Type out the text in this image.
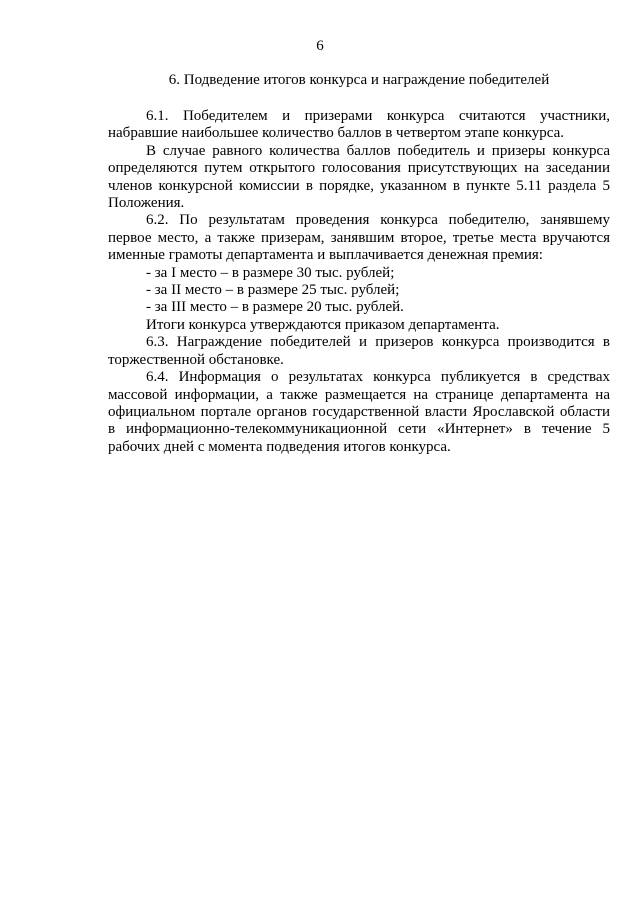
6
6. Подведение итогов конкурса и награждение победителей

6.1. Победителем и призерами конкурса считаются участники, набравшие наибольшее количество баллов в четвертом этапе конкурса.

В случае равного количества баллов победитель и призеры конкурса определяются путем открытого голосования присутствующих на заседании членов конкурсной комиссии в порядке, указанном в пункте 5.11 раздела 5 Положения.

6.2. По результатам проведения конкурса победителю, занявшему первое место, а также призерам, занявшим второе, третье места вручаются именные грамоты департамента и выплачивается денежная премия:

- за I место – в размере 30 тыс. рублей;

- за II место – в размере 25 тыс. рублей;

- за III место – в размере 20 тыс. рублей.

Итоги конкурса утверждаются приказом департамента.

6.3. Награждение победителей и призеров конкурса производится в торжественной обстановке.

6.4. Информация о результатах конкурса публикуется в средствах массовой информации, а также размещается на странице департамента на официальном портале органов государственной власти Ярославской области в информационно-телекоммуникационной сети «Интернет» в течение 5 рабочих дней с момента подведения итогов конкурса.
